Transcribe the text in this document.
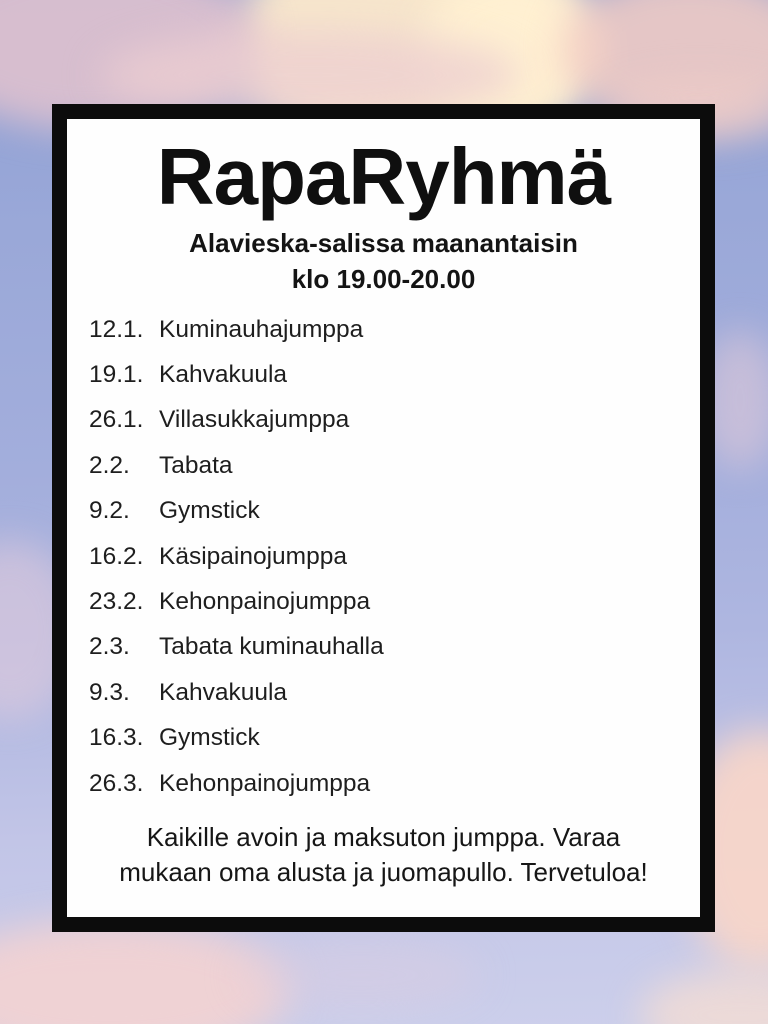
RapaRyhmä
Alavieska-salissa maanantaisin
klo 19.00-20.00
12.1. Kuminauhajumppa
19.1. Kahvakuula
26.1. Villasukkajumppa
2.2.	Tabata
9.2.	Gymstick
16.2. Käsipainojumppa
23.2. Kehonpainojumppa
2.3.	Tabata kuminauhalla
9.3.	Kahvakuula
16.3. Gymstick
26.3. Kehonpainojumppa
Kaikille avoin ja maksuton jumppa. Varaa
mukaan oma alusta ja juomapullo. Tervetuloa!
